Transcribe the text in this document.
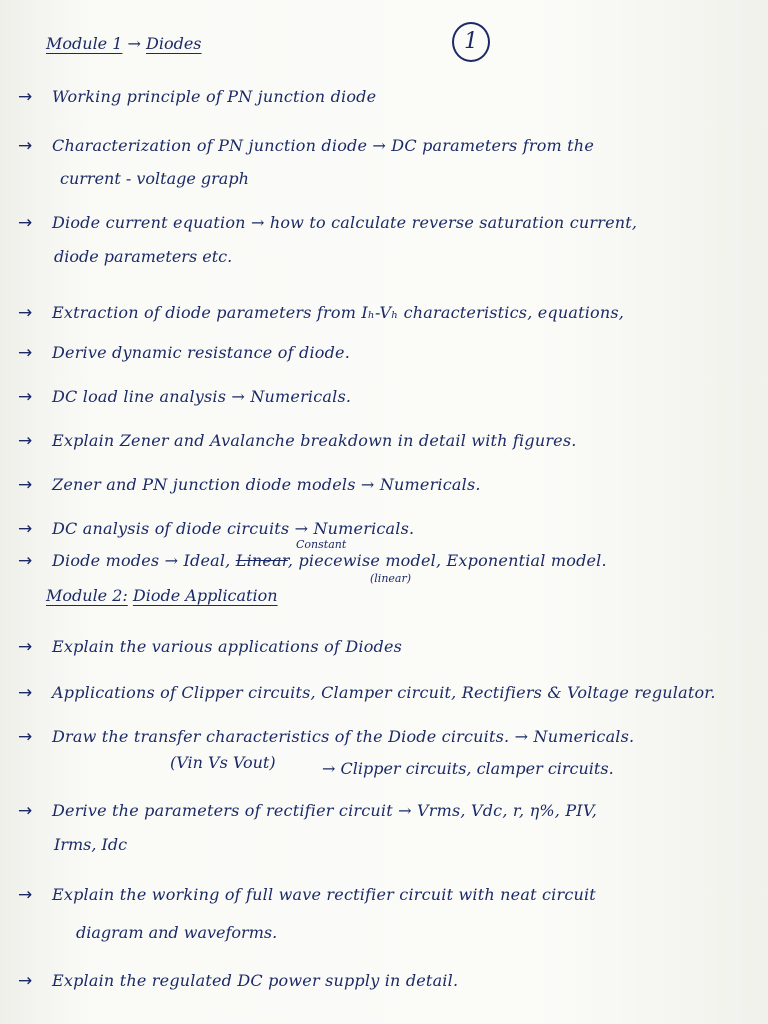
1
Module 1 → Diodes
→	Working principle of PN junction diode
→	Characterization of PN junction diode → DC parameters from the
current - voltage graph
→	Diode current equation → how to calculate reverse saturation current,
diode parameters etc.
→	Extraction of diode parameters from Iₕ-Vₕ characteristics, equations,
→	Derive dynamic resistance of diode.
→	DC load line analysis → Numericals.
→	Explain Zener and Avalanche breakdown in detail with figures.
→	Zener and PN junction diode models → Numericals.
→	DC analysis of diode circuits → Numericals.
Constant
→	Diode modes → Ideal, Linear, piecewise model, Exponential model.
(linear)
Module 2: Diode Application
→	Explain the various applications of Diodes
→	Applications of Clipper circuits, Clamper circuit, Rectifiers & Voltage regulator.
→	Draw the transfer characteristics of the Diode circuits. → Numericals.
(Vin Vs Vout)	→ Clipper circuits, clamper circuits.
→	Derive the parameters of rectifier circuit → Vrms, Vdc, r, η%, PIV,
Irms, Idc
→	Explain the working of full wave rectifier circuit with neat circuit
diagram and waveforms.
→	Explain the regulated DC power supply in detail.
